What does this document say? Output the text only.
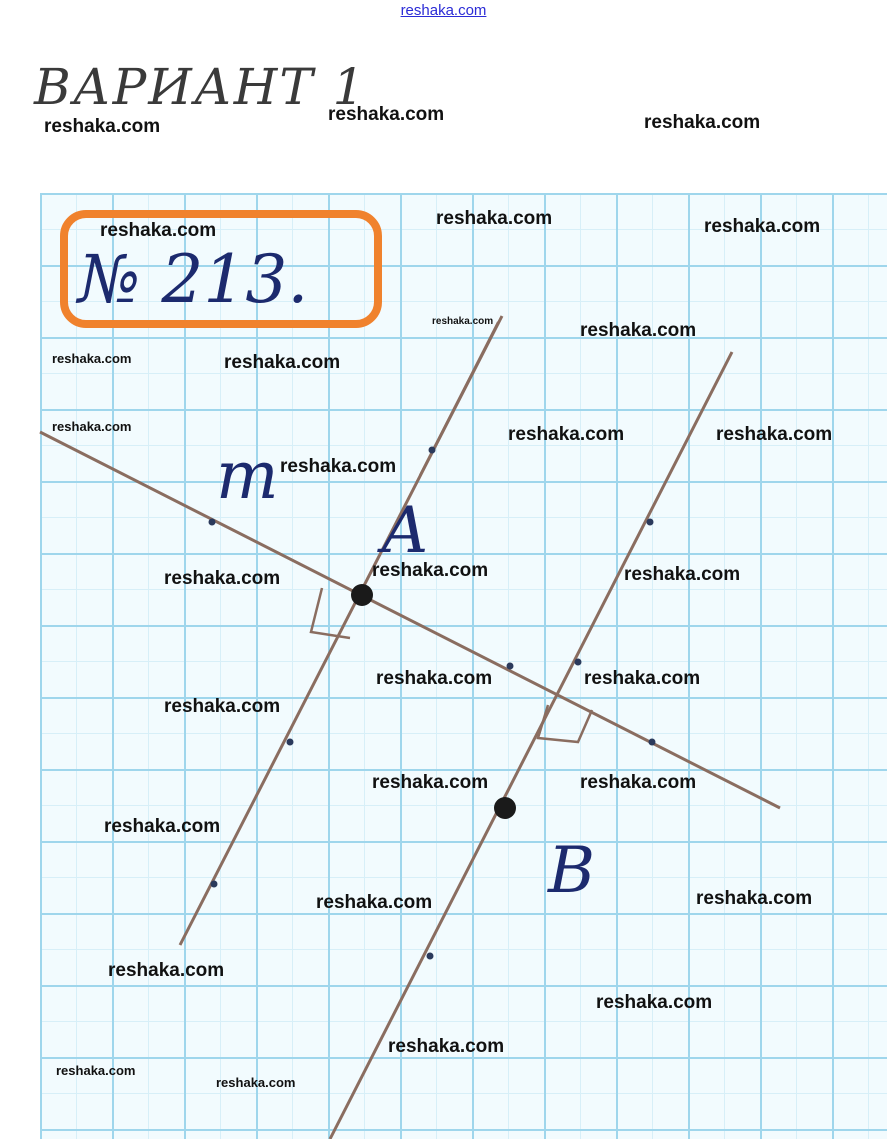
reshaka.com
ВАРИАНТ 1
№ 213.
m
A
B
reshaka.com
reshaka.com	reshaka.com
reshaka.com
reshaka.com	reshaka.com
reshaka.com	reshaka.com
reshaka.com	reshaka.com
reshaka.com	reshaka.com	reshaka.com
reshaka.com
reshaka.com
reshaka.com	reshaka.com
reshaka.com	reshaka.com
reshaka.com
reshaka.com	reshaka.com
reshaka.com
reshaka.com
reshaka.com
reshaka.com
reshaka.com
reshaka.com
reshaka.com
reshaka.com
